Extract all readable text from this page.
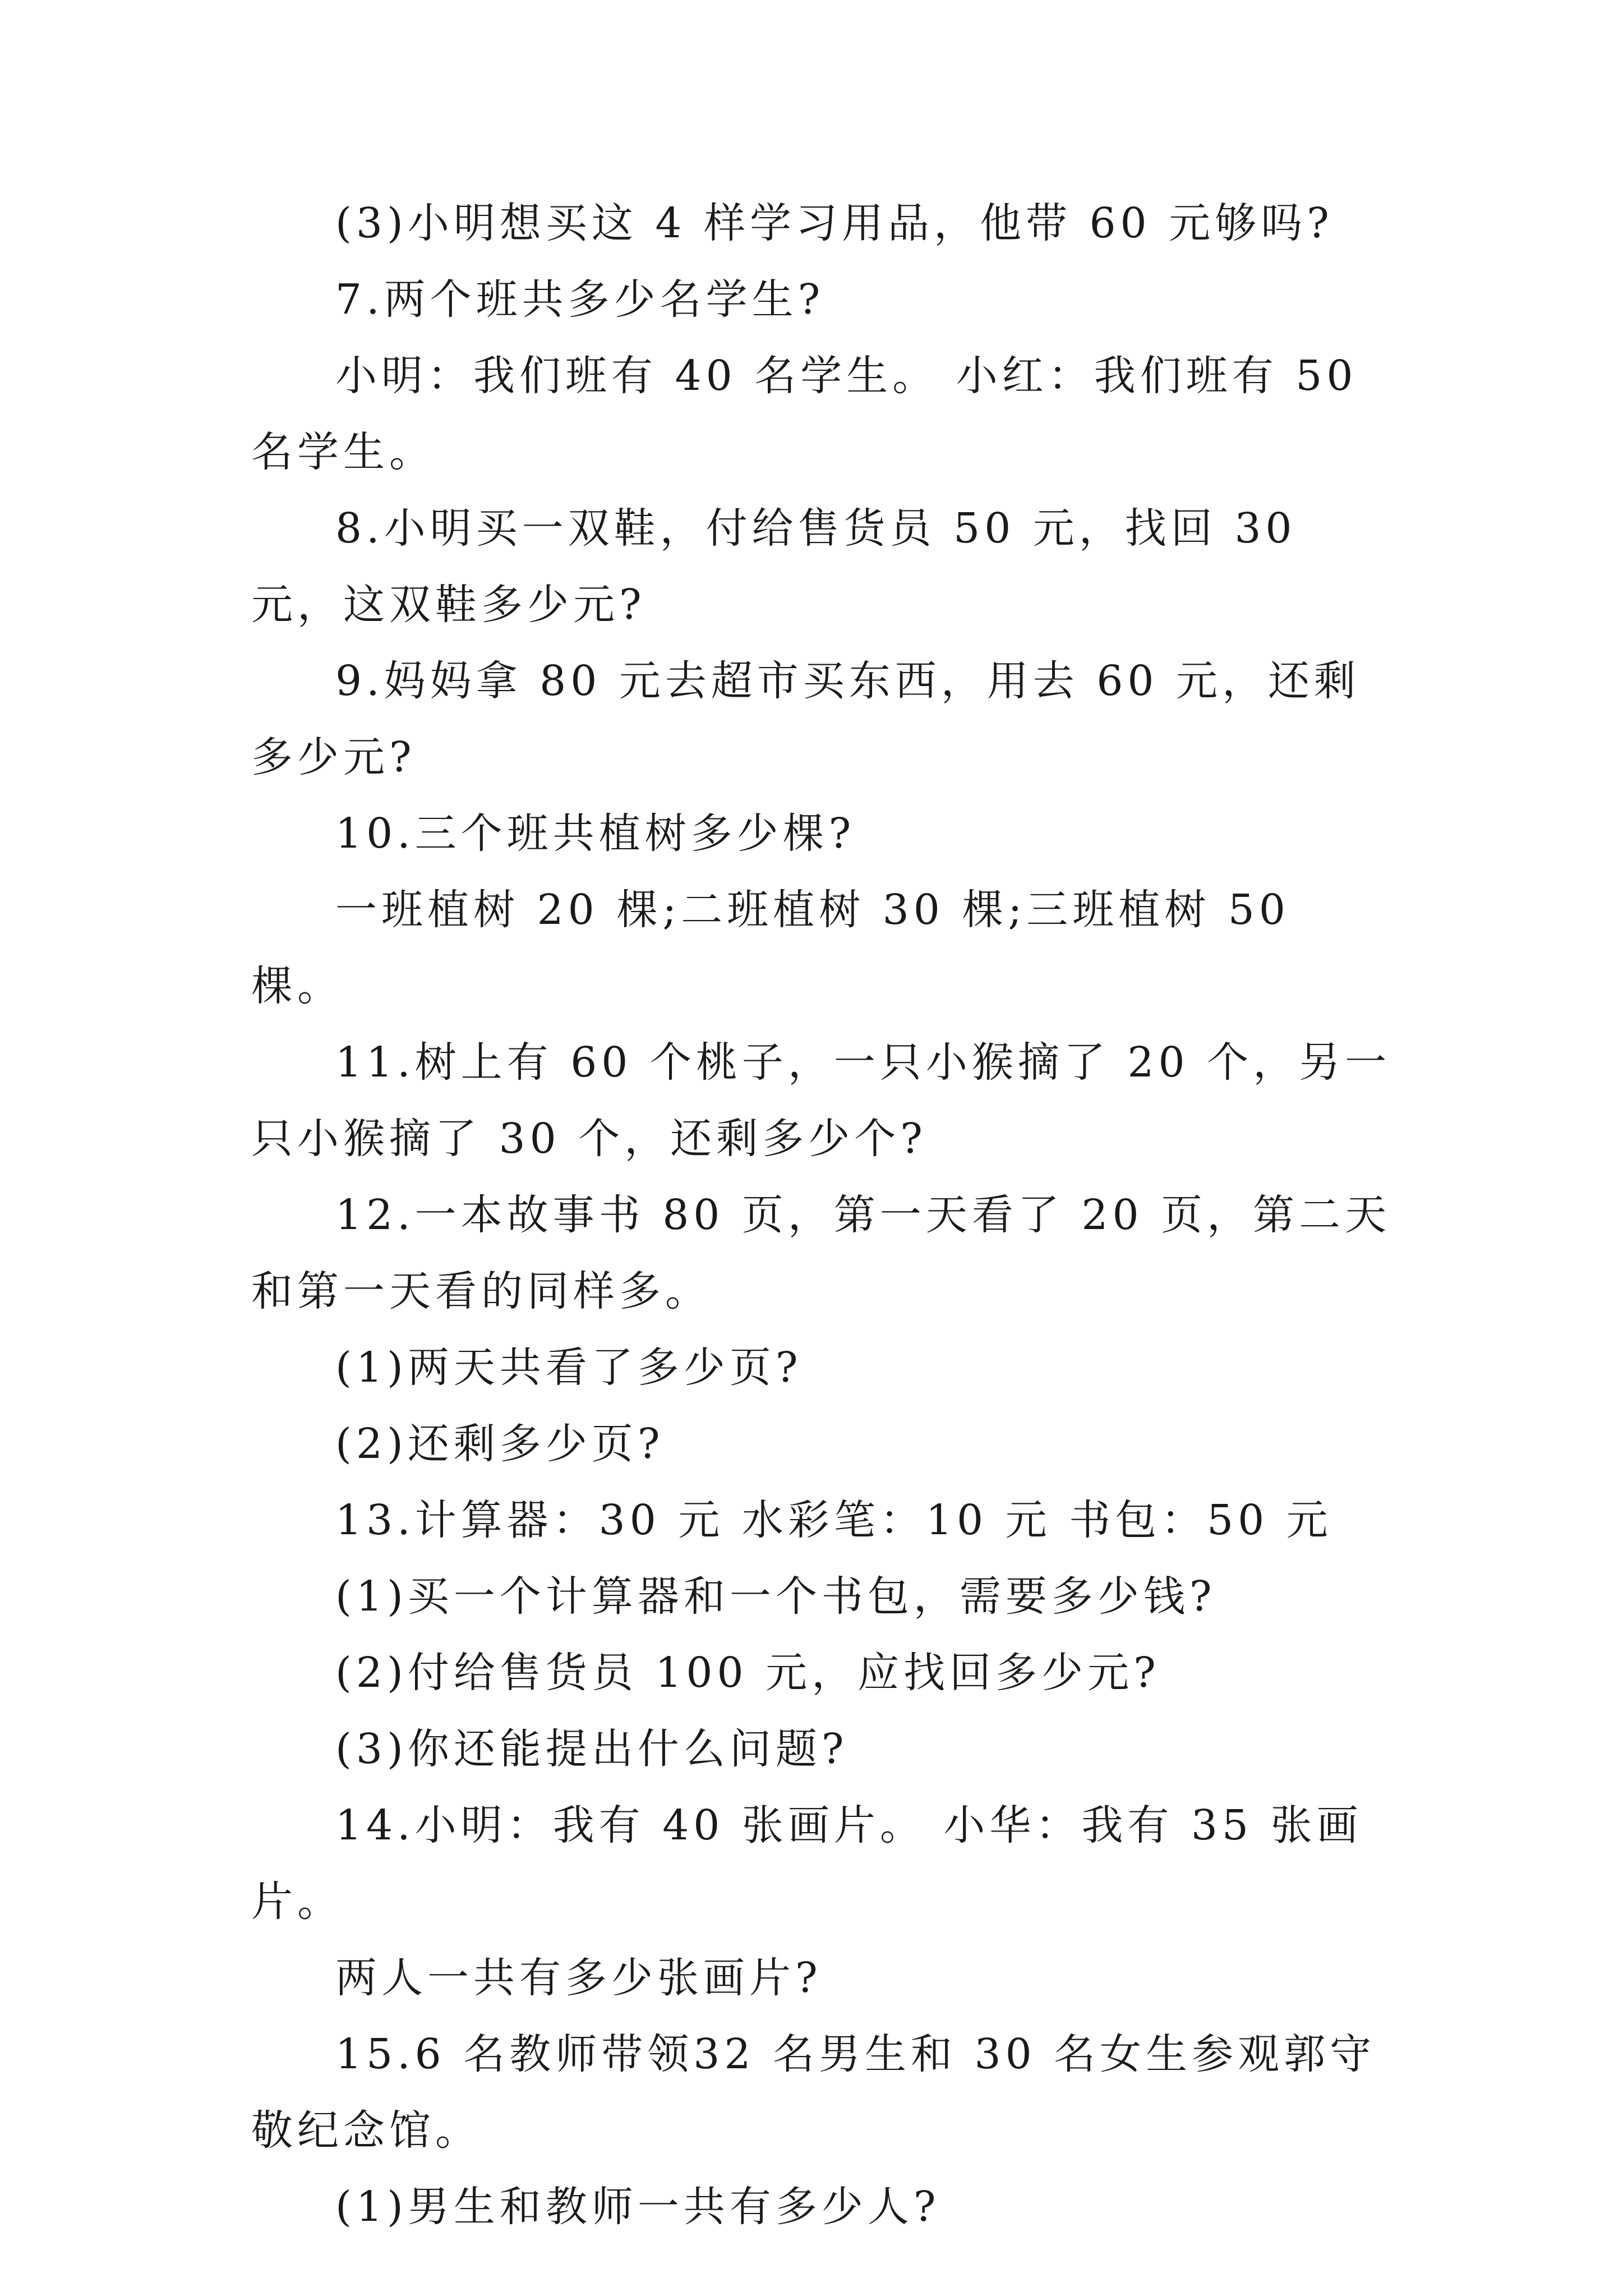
(3)小明想买这 4 样学习用品，他带 60 元够吗?

7.两个班共多少名学生?

小明：我们班有 40 名学生。 小红：我们班有 50 名学生。

8.小明买一双鞋，付给售货员 50 元，找回 30 元，这双鞋多少元?

9.妈妈拿 80 元去超市买东西，用去 60 元，还剩多少元?

10.三个班共植树多少棵?

一班植树 20 棵;二班植树 30 棵;三班植树 50 棵。

11.树上有 60 个桃子，一只小猴摘了 20 个，另一只小猴摘了 30 个，还剩多少个?

12.一本故事书 80 页，第一天看了 20 页，第二天和第一天看的同样多。

(1)两天共看了多少页?

(2)还剩多少页?

13.计算器：30 元 水彩笔：10 元 书包：50 元

(1)买一个计算器和一个书包，需要多少钱?

(2)付给售货员 100 元，应找回多少元?

(3)你还能提出什么问题?

14.小明：我有 40 张画片。 小华：我有 35 张画片。

两人一共有多少张画片?

15.6 名教师带领32 名男生和 30 名女生参观郭守敬纪念馆。

(1)男生和教师一共有多少人?
